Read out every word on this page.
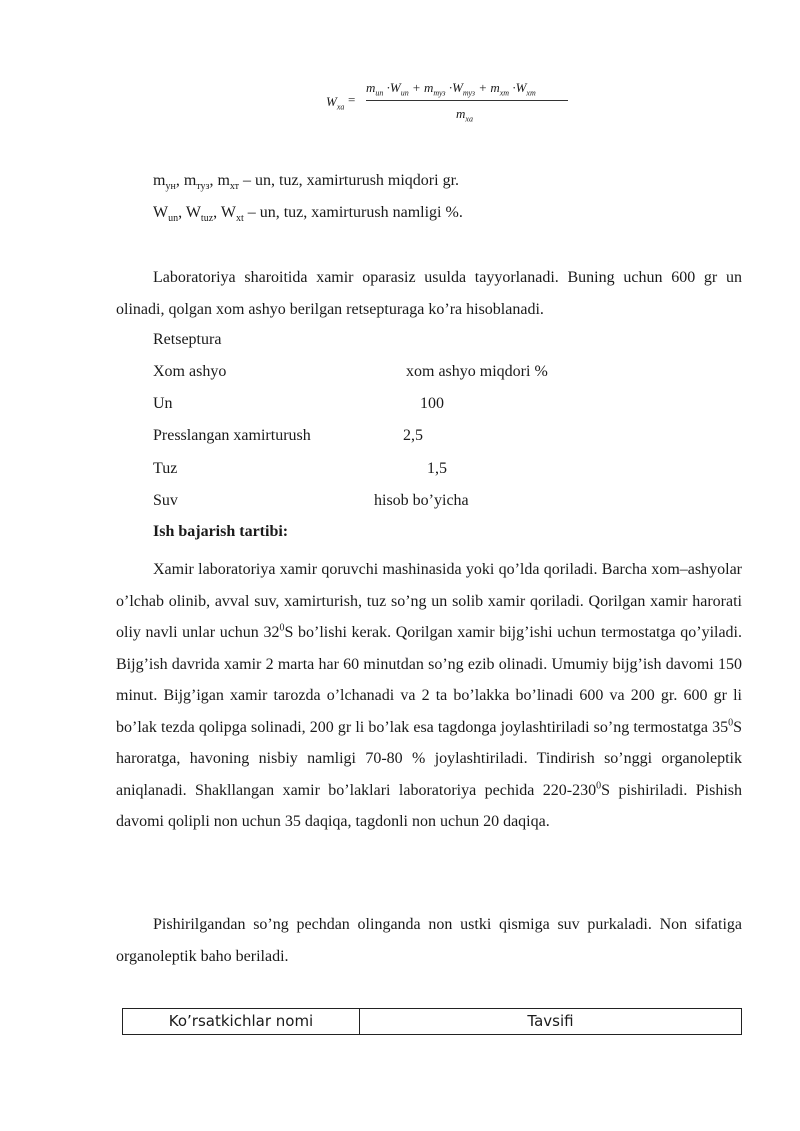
$W_{xa}$
=
$m_{un} \cdot W_{un} + m_{туз} \cdot W_{туз} + m_{хт} \cdot W_{хт}$
$m_{xa}$
$m_{ун}$, $m_{туз}$, $m_{хт}$ – un, tuz, xamirturush miqdori gr.
$W_{un}$, $W_{tuz}$, $W_{xt}$ – un, tuz, xamirturush namligi %.
Laboratoriya sharoitida xamir oparasiz usulda tayyorlanadi. Buning uchun 600 gr un olinadi, qolgan xom ashyo berilgan retsepturaga ko’ra hisoblanadi.
Retseptura
Xom ashyo	xom ashyo miqdori %
Un	100
Presslangan xamirturush	2,5
Tuz	1,5
Suv	hisob bo’yicha
Ish bajarish tartibi:
Xamir laboratoriya xamir qoruvchi mashinasida yoki qo’lda qoriladi. Barcha xom–ashyolar o’lchab olinib, avval suv, xamirturish, tuz so’ng un solib xamir qoriladi. Qorilgan xamir harorati oliy navli unlar uchun $32^0S$ bo’lishi kerak. Qorilgan xamir bijg’ishi uchun termostatga qo’yiladi. Bijg’ish davrida xamir 2 marta har 60 minutdan so’ng ezib olinadi. Umumiy bijg’ish davomi 150 minut. Bijg’igan xamir tarozda o’lchanadi va 2 ta bo’lakka bo’linadi 600 va 200 gr. 600 gr li bo’lak tezda qolipga solinadi, 200 gr li bo’lak esa tagdonga joylashtiriladi so’ng termostatga $35^0S$ haroratga, havoning nisbiy namligi 70-80 % joylashtiriladi. Tindirish so’nggi organoleptik aniqlanadi. Shakllangan xamir bo’laklari laboratoriya pechida $220-230^0S$ pishiriladi. Pishish davomi qolipli non uchun 35 daqiqa, tagdonli non uchun 20 daqiqa.
Pishirilgandan so’ng pechdan olinganda non ustki qismiga suv purkaladi. Non sifatiga organoleptik baho beriladi.
Ko’rsatkichlar nomi	Tavsifi
